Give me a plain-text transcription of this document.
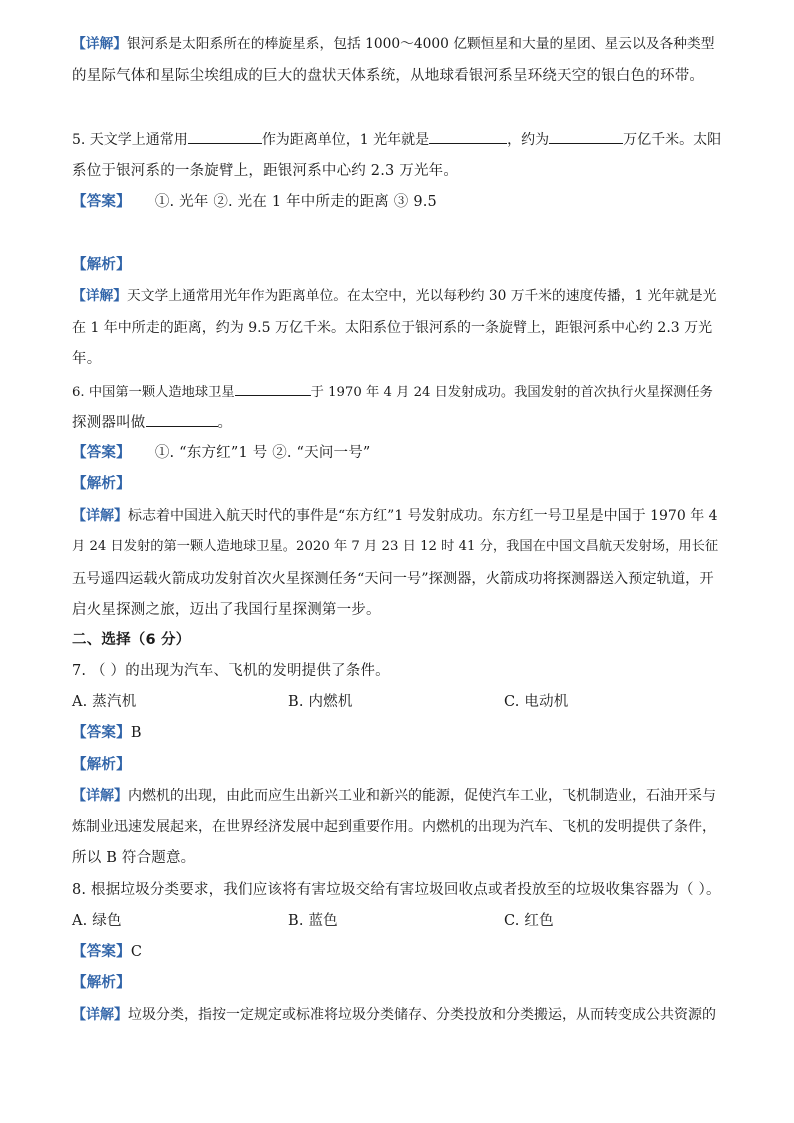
【详解】银河系是太阳系所在的棒旋星系，包括 1000～4000 亿颗恒星和大量的星团、星云以及各种类型
的星际气体和星际尘埃组成的巨大的盘状天体系统，从地球看银河系呈环绕天空的银白色的环带。
5. 天文学上通常用	作为距离单位，1 光年就是	，约为	万亿千米。太阳
系位于银河系的一条旋臂上，距银河系中心约 2.3 万光年。
【答案】 ①. 光年 ②. 光在 1 年中所走的距离 ③ 9.5
【解析】
【详解】天文学上通常用光年作为距离单位。在太空中，光以每秒约 30 万千米的速度传播，1 光年就是光
在 1 年中所走的距离，约为 9.5 万亿千米。太阳系位于银河系的一条旋臂上，距银河系中心约 2.3 万光
年。
6. 中国第一颗人造地球卫星	于 1970 年 4 月 24 日发射成功。我国发射的首次执行火星探测任务
探测器叫做	。
【答案】 ①. “东方红”1 号 ②. “天问一号”
【解析】
【详解】标志着中国进入航天时代的事件是“东方红”1 号发射成功。东方红一号卫星是中国于 1970 年 4
月 24 日发射的第一颗人造地球卫星。2020 年 7 月 23 日 12 时 41 分，我国在中国文昌航天发射场，用长征
五号遥四运载火箭成功发射首次火星探测任务“天问一号”探测器，火箭成功将探测器送入预定轨道，开
启火星探测之旅，迈出了我国行星探测第一步。
二、选择（6 分）
7. （ ）的出现为汽车、飞机的发明提供了条件。
A. 蒸汽机	B. 内燃机	C. 电动机
【答案】B
【解析】
【详解】内燃机的出现，由此而应生出新兴工业和新兴的能源，促使汽车工业，飞机制造业，石油开采与
炼制业迅速发展起来，在世界经济发展中起到重要作用。内燃机的出现为汽车、飞机的发明提供了条件，
所以 B 符合题意。
8. 根据垃圾分类要求，我们应该将有害垃圾交给有害垃圾回收点或者投放至的垃圾收集容器为（ ）。
A. 绿色	B. 蓝色	C. 红色
【答案】C
【解析】
【详解】垃圾分类，指按一定规定或标准将垃圾分类储存、分类投放和分类搬运，从而转变成公共资源的
